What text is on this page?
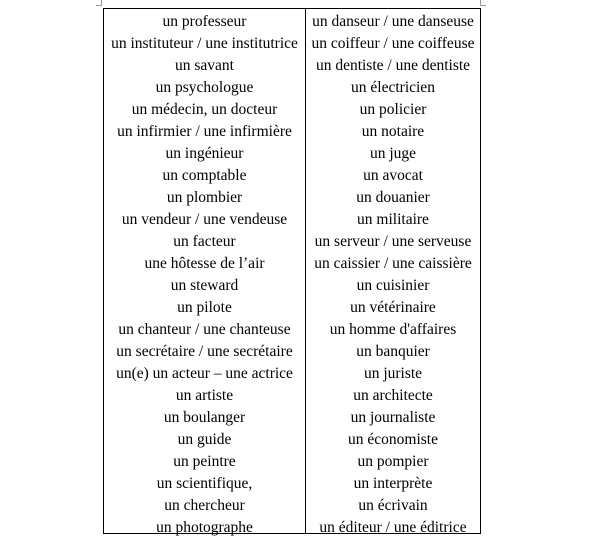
un professeur
un instituteur / une institutrice
un savant
un psychologue
un médecin, un docteur
un infirmier / une infirmière
un ingénieur
un comptable
un plombier
un vendeur / une vendeuse
un facteur
une hôtesse de l’air
un steward
un pilote
un chanteur / une chanteuse
un secrétaire / une secrétaire
un(e) un acteur – une actrice
un artiste
un boulanger
un guide
un peintre
un scientifique,
un chercheur
un photographe
un danseur / une danseuse
un coiffeur / une coiffeuse
un dentiste / une dentiste
un électricien
un policier
un notaire
un juge
un avocat
un douanier
un militaire
un serveur / une serveuse
un caissier / une caissière
un cuisinier
un vétérinaire
un homme d'affaires
un banquier
un juriste
un architecte
un journaliste
un économiste
un pompier
un interprète
un écrivain
un éditeur / une éditrice
